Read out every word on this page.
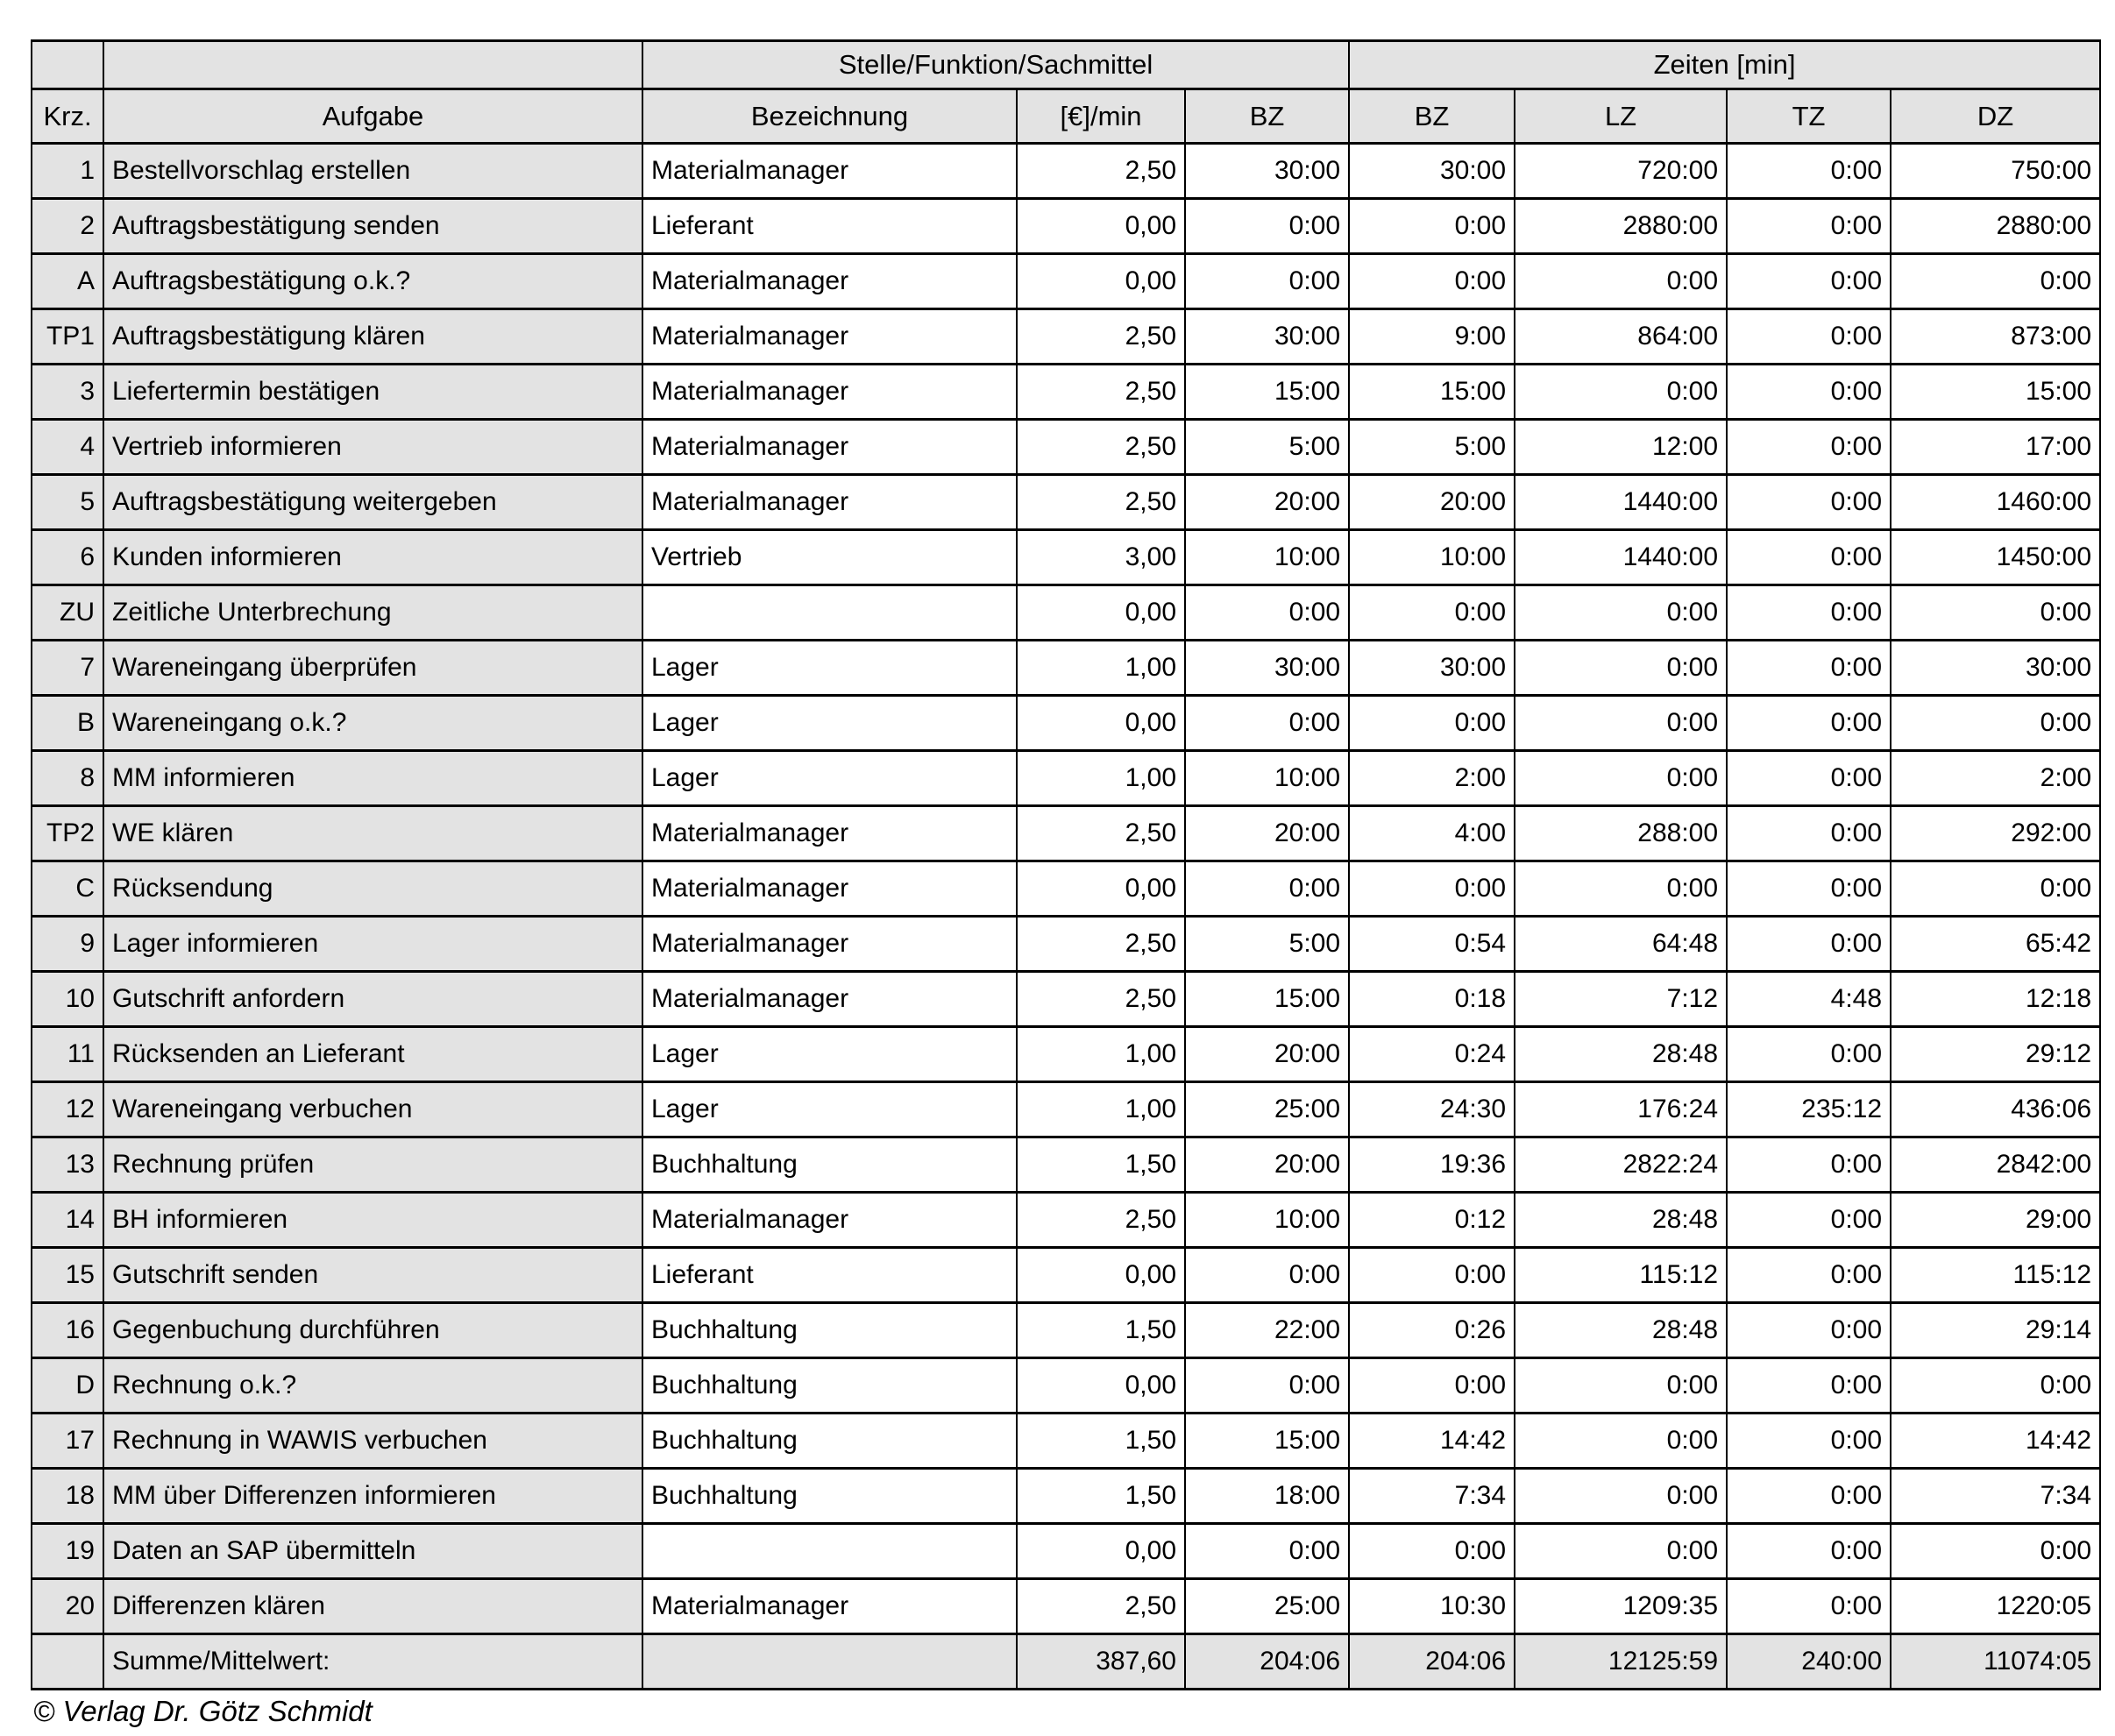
		Stelle/Funktion/Sachmittel			Zeiten [min]			
Krz.	Aufgabe	Bezeichnung	[€]/min	BZ	BZ	LZ	TZ	DZ
1	Bestellvorschlag erstellen	Materialmanager	2,50	30:00	30:00	720:00	0:00	750:00
2	Auftragsbestätigung senden	Lieferant	0,00	0:00	0:00	2880:00	0:00	2880:00
A	Auftragsbestätigung o.k.?	Materialmanager	0,00	0:00	0:00	0:00	0:00	0:00
TP1	Auftragsbestätigung klären	Materialmanager	2,50	30:00	9:00	864:00	0:00	873:00
3	Liefertermin bestätigen	Materialmanager	2,50	15:00	15:00	0:00	0:00	15:00
4	Vertrieb informieren	Materialmanager	2,50	5:00	5:00	12:00	0:00	17:00
5	Auftragsbestätigung weitergeben	Materialmanager	2,50	20:00	20:00	1440:00	0:00	1460:00
6	Kunden informieren	Vertrieb	3,00	10:00	10:00	1440:00	0:00	1450:00
ZU	Zeitliche Unterbrechung		0,00	0:00	0:00	0:00	0:00	0:00
7	Wareneingang überprüfen	Lager	1,00	30:00	30:00	0:00	0:00	30:00
B	Wareneingang o.k.?	Lager	0,00	0:00	0:00	0:00	0:00	0:00
8	MM informieren	Lager	1,00	10:00	2:00	0:00	0:00	2:00
TP2	WE klären	Materialmanager	2,50	20:00	4:00	288:00	0:00	292:00
C	Rücksendung	Materialmanager	0,00	0:00	0:00	0:00	0:00	0:00
9	Lager informieren	Materialmanager	2,50	5:00	0:54	64:48	0:00	65:42
10	Gutschrift anfordern	Materialmanager	2,50	15:00	0:18	7:12	4:48	12:18
11	Rücksenden an Lieferant	Lager	1,00	20:00	0:24	28:48	0:00	29:12
12	Wareneingang verbuchen	Lager	1,00	25:00	24:30	176:24	235:12	436:06
13	Rechnung prüfen	Buchhaltung	1,50	20:00	19:36	2822:24	0:00	2842:00
14	BH informieren	Materialmanager	2,50	10:00	0:12	28:48	0:00	29:00
15	Gutschrift senden	Lieferant	0,00	0:00	0:00	115:12	0:00	115:12
16	Gegenbuchung durchführen	Buchhaltung	1,50	22:00	0:26	28:48	0:00	29:14
D	Rechnung o.k.?	Buchhaltung	0,00	0:00	0:00	0:00	0:00	0:00
17	Rechnung in WAWIS verbuchen	Buchhaltung	1,50	15:00	14:42	0:00	0:00	14:42
18	MM über Differenzen informieren	Buchhaltung	1,50	18:00	7:34	0:00	0:00	7:34
19	Daten an SAP übermitteln		0,00	0:00	0:00	0:00	0:00	0:00
20	Differenzen klären	Materialmanager	2,50	25:00	10:30	1209:35	0:00	1220:05
	Summe/Mittelwert:		387,60	204:06	204:06	12125:59	240:00	11074:05
© Verlag Dr. Götz Schmidt
